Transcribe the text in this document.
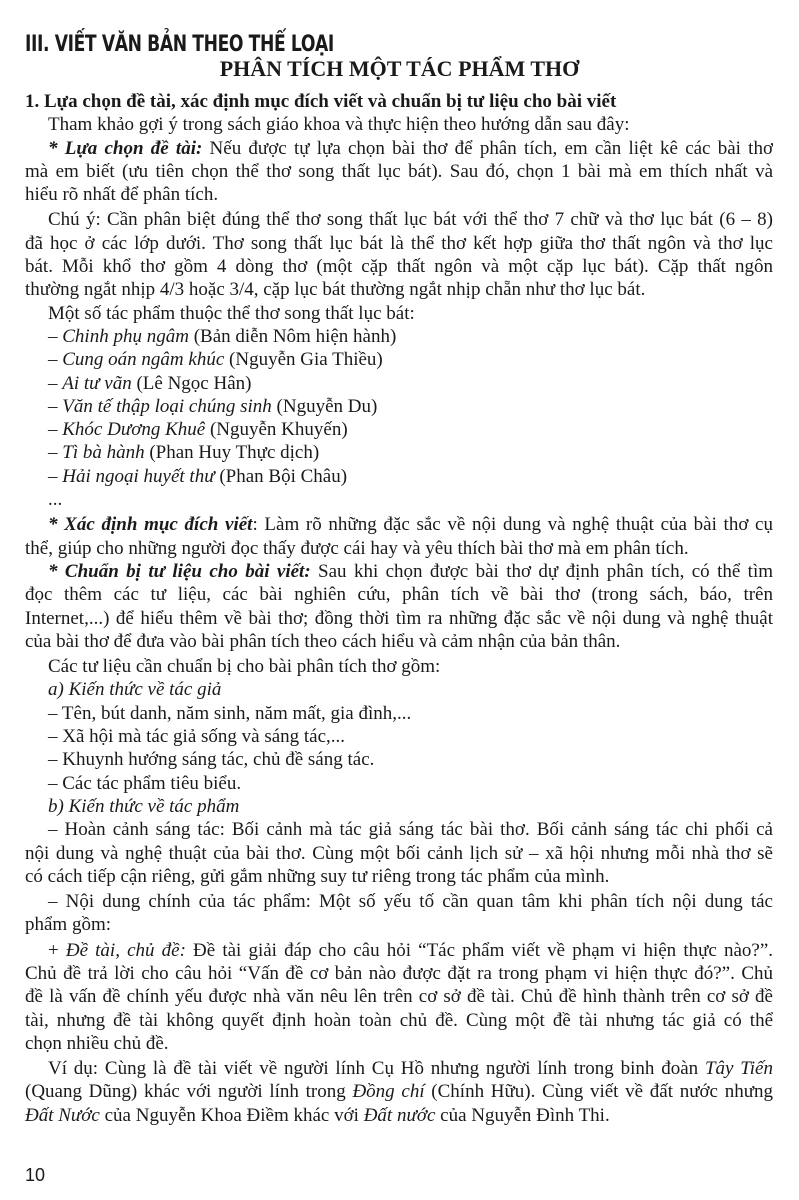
III. VIẾT VĂN BẢN THEO THỂ LOẠI
PHÂN TÍCH MỘT TÁC PHẨM THƠ
1. Lựa chọn đề tài, xác định mục đích viết và chuẩn bị tư liệu cho bài viết
Tham khảo gợi ý trong sách giáo khoa và thực hiện theo hướng dẫn sau đây:
* Lựa chọn đề tài: Nếu được tự lựa chọn bài thơ để phân tích, em cần liệt kê các bài thơ
mà em biết (ưu tiên chọn thể thơ song thất lục bát). Sau đó, chọn 1 bài mà em thích nhất và
hiểu rõ nhất để phân tích.
Chú ý: Cần phân biệt đúng thể thơ song thất lục bát với thể thơ 7 chữ và thơ lục bát (6 – 8)
đã học ở các lớp dưới. Thơ song thất lục bát là thể thơ kết hợp giữa thơ thất ngôn và thơ lục
bát. Mỗi khổ thơ gồm 4 dòng thơ (một cặp thất ngôn và một cặp lục bát). Cặp thất ngôn
thường ngắt nhịp 4/3 hoặc 3/4, cặp lục bát thường ngắt nhịp chẵn như thơ lục bát.
Một số tác phẩm thuộc thể thơ song thất lục bát:
– Chinh phụ ngâm (Bản diễn Nôm hiện hành)
– Cung oán ngâm khúc (Nguyễn Gia Thiều)
– Ai tư vãn (Lê Ngọc Hân)
– Văn tế thập loại chúng sinh (Nguyễn Du)
– Khóc Dương Khuê (Nguyễn Khuyến)
– Tì bà hành (Phan Huy Thực dịch)
– Hải ngoại huyết thư (Phan Bội Châu)
...
* Xác định mục đích viết: Làm rõ những đặc sắc về nội dung và nghệ thuật của bài thơ cụ
thể, giúp cho những người đọc thấy được cái hay và yêu thích bài thơ mà em phân tích.
* Chuẩn bị tư liệu cho bài viết: Sau khi chọn được bài thơ dự định phân tích, có thể tìm
đọc thêm các tư liệu, các bài nghiên cứu, phân tích về bài thơ (trong sách, báo, trên
Internet,...) để hiểu thêm về bài thơ; đồng thời tìm ra những đặc sắc về nội dung và nghệ thuật
của bài thơ để đưa vào bài phân tích theo cách hiểu và cảm nhận của bản thân.
Các tư liệu cần chuẩn bị cho bài phân tích thơ gồm:
a) Kiến thức về tác giả
– Tên, bút danh, năm sinh, năm mất, gia đình,...
– Xã hội mà tác giả sống và sáng tác,...
– Khuynh hướng sáng tác, chủ đề sáng tác.
– Các tác phẩm tiêu biểu.
b) Kiến thức về tác phẩm
– Hoàn cảnh sáng tác: Bối cảnh mà tác giả sáng tác bài thơ. Bối cảnh sáng tác chi phối cả
nội dung và nghệ thuật của bài thơ. Cùng một bối cảnh lịch sử – xã hội nhưng mỗi nhà thơ sẽ
có cách tiếp cận riêng, gửi gắm những suy tư riêng trong tác phẩm của mình.
– Nội dung chính của tác phẩm: Một số yếu tố cần quan tâm khi phân tích nội dung tác
phẩm gồm:
+ Đề tài, chủ đề: Đề tài giải đáp cho câu hỏi “Tác phẩm viết về phạm vi hiện thực nào?”.
Chủ đề trả lời cho câu hỏi “Vấn đề cơ bản nào được đặt ra trong phạm vi hiện thực đó?”. Chủ
đề là vấn đề chính yếu được nhà văn nêu lên trên cơ sở đề tài. Chủ đề hình thành trên cơ sở đề
tài, nhưng đề tài không quyết định hoàn toàn chủ đề. Cùng một đề tài nhưng tác giả có thể
chọn nhiều chủ đề.
Ví dụ: Cùng là đề tài viết về người lính Cụ Hồ nhưng người lính trong binh đoàn Tây Tiến
(Quang Dũng) khác với người lính trong Đồng chí (Chính Hữu). Cùng viết về đất nước nhưng
Đất Nước của Nguyễn Khoa Điềm khác với Đất nước của Nguyễn Đình Thi.
10
